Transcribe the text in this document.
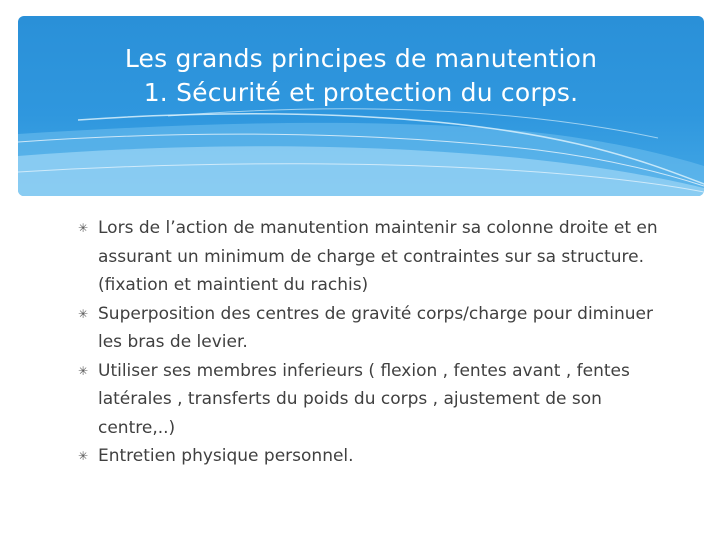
Les grands principes de manutention
1. Sécurité et protection du corps.
✳ Lors de l’action de manutention maintenir sa colonne droite et en assurant un minimum de charge et contraintes sur sa structure.(fixation et maintient du rachis)
✳ Superposition des centres de gravité corps/charge pour diminuer les bras de levier.
✳ Utiliser ses membres inferieurs ( flexion , fentes avant , fentes latérales , transferts du poids du corps , ajustement de son centre,..)
✳ Entretien physique personnel.
